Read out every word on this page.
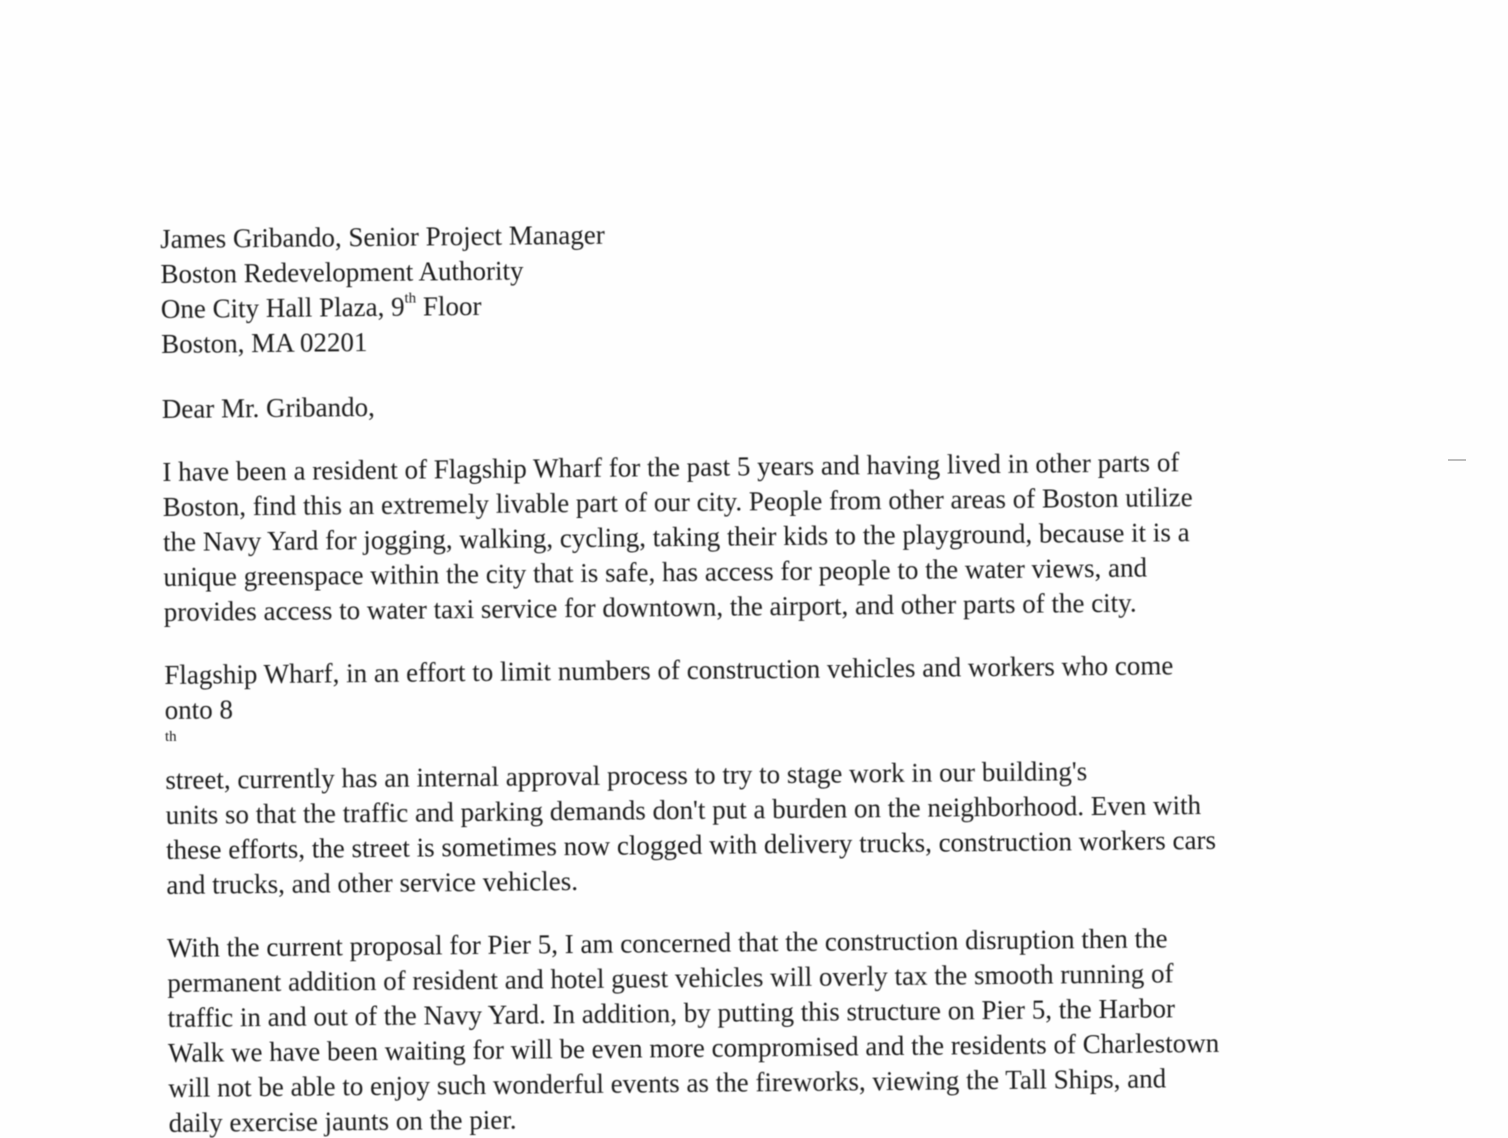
James Gribando, Senior Project Manager
Boston Redevelopment Authority
One City Hall Plaza, 9th Floor
Boston, MA 02201
Dear Mr. Gribando,
I have been a resident of Flagship Wharf for the past 5 years and having lived in other parts of
Boston, find this an extremely livable part of our city. People from other areas of Boston utilize
the Navy Yard for jogging, walking, cycling, taking their kids to the playground, because it is a
unique greenspace within the city that is safe, has access for people to the water views, and
provides access to water taxi service for downtown, the airport, and other parts of the city.
Flagship Wharf, in an effort to limit numbers of construction vehicles and workers who come
onto 8
$^{th}$
street, currently has an internal approval process to try to stage work in our building's
units so that the traffic and parking demands don't put a burden on the neighborhood. Even with
these efforts, the street is sometimes now clogged with delivery trucks, construction workers cars
and trucks, and other service vehicles.
With the current proposal for Pier 5, I am concerned that the construction disruption then the
permanent addition of resident and hotel guest vehicles will overly tax the smooth running of
traffic in and out of the Navy Yard. In addition, by putting this structure on Pier 5, the Harbor
Walk we have been waiting for will be even more compromised and the residents of Charlestown
will not be able to enjoy such wonderful events as the fireworks, viewing the Tall Ships, and
daily exercise jaunts on the pier.
